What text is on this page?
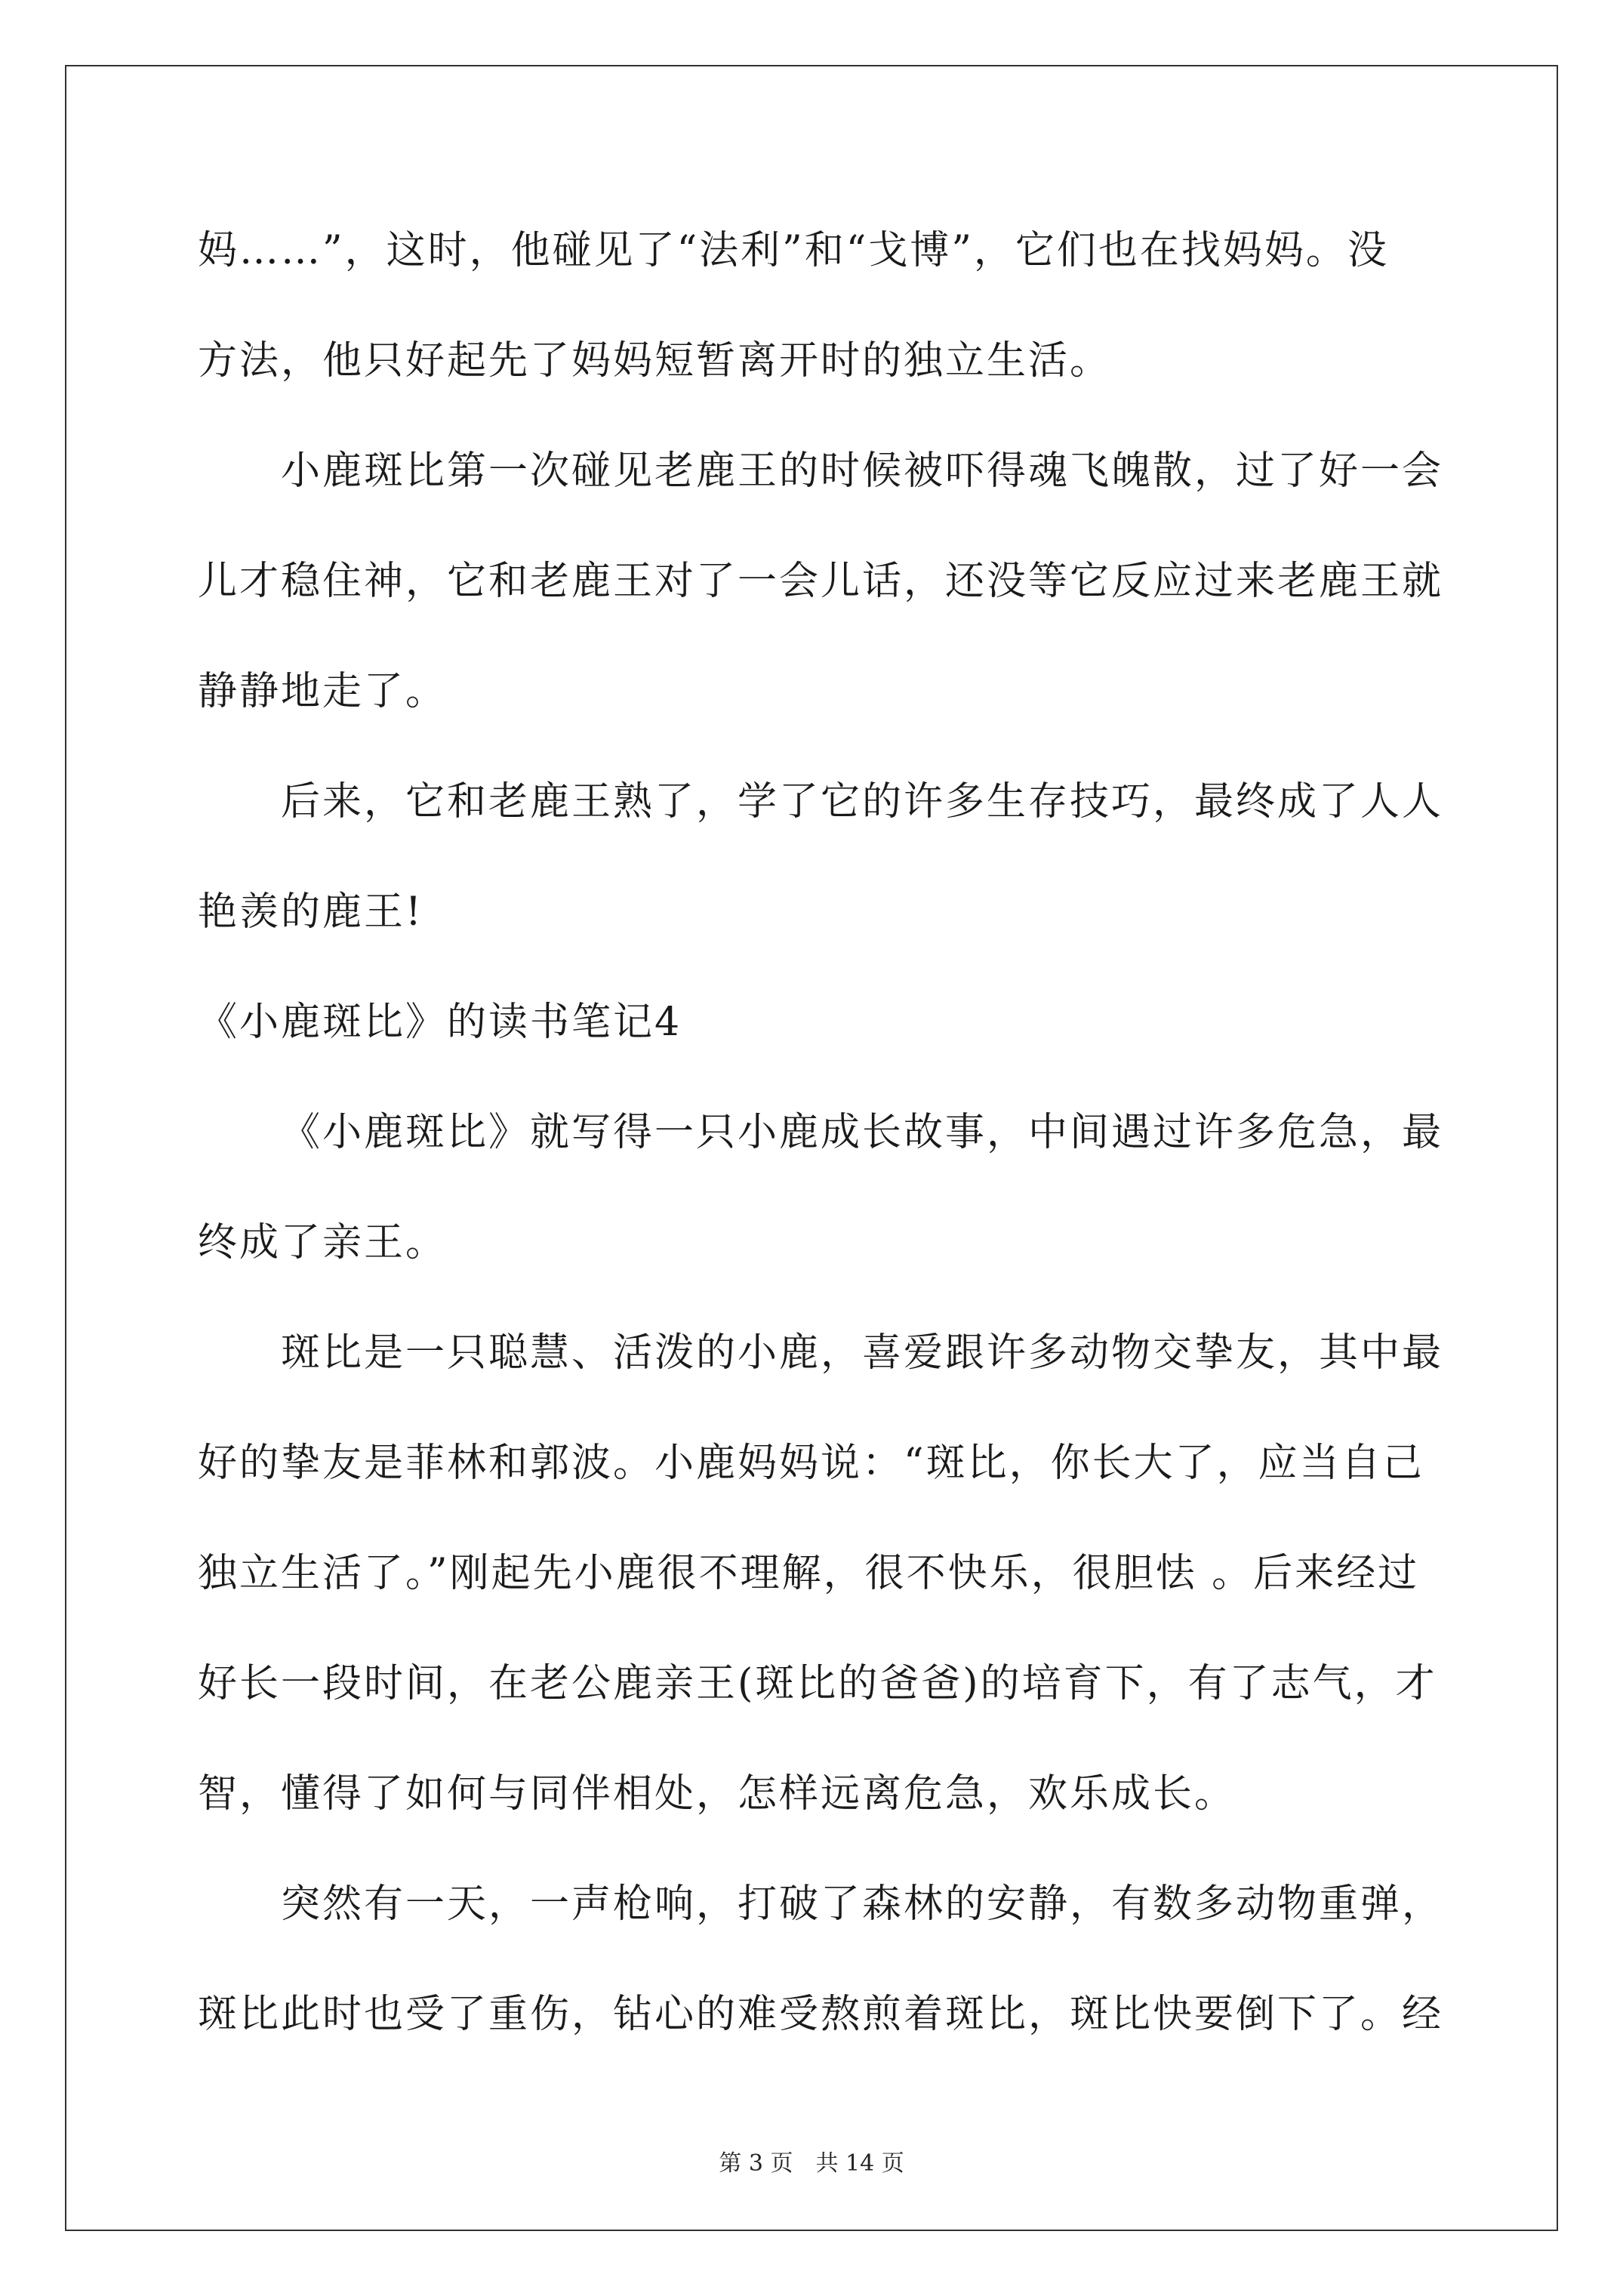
妈……”，这时，他碰见了“法利”和“戈博”，它们也在找妈妈。没
方法，他只好起先了妈妈短暂离开时的独立生活。
小鹿斑比第一次碰见老鹿王的时候被吓得魂飞魄散，过了好一会
儿才稳住神，它和老鹿王对了一会儿话，还没等它反应过来老鹿王就
静静地走了。
后来，它和老鹿王熟了，学了它的许多生存技巧，最终成了人人
艳羡的鹿王!
《小鹿斑比》的读书笔记4
《小鹿斑比》就写得一只小鹿成长故事，中间遇过许多危急，最
终成了亲王。
斑比是一只聪慧、活泼的小鹿，喜爱跟许多动物交挚友，其中最
好的挚友是菲林和郭波。小鹿妈妈说：“斑比，你长大了，应当自己
独立生活了。”刚起先小鹿很不理解，很不快乐，很胆怯 。后来经过
好长一段时间，在老公鹿亲王(斑比的爸爸)的培育下，有了志气，才
智，懂得了如何与同伴相处，怎样远离危急，欢乐成长。
突然有一天，一声枪响，打破了森林的安静，有数多动物重弹，
斑比此时也受了重伤，钻心的难受熬煎着斑比，斑比快要倒下了。经
第 3 页　共 14 页
